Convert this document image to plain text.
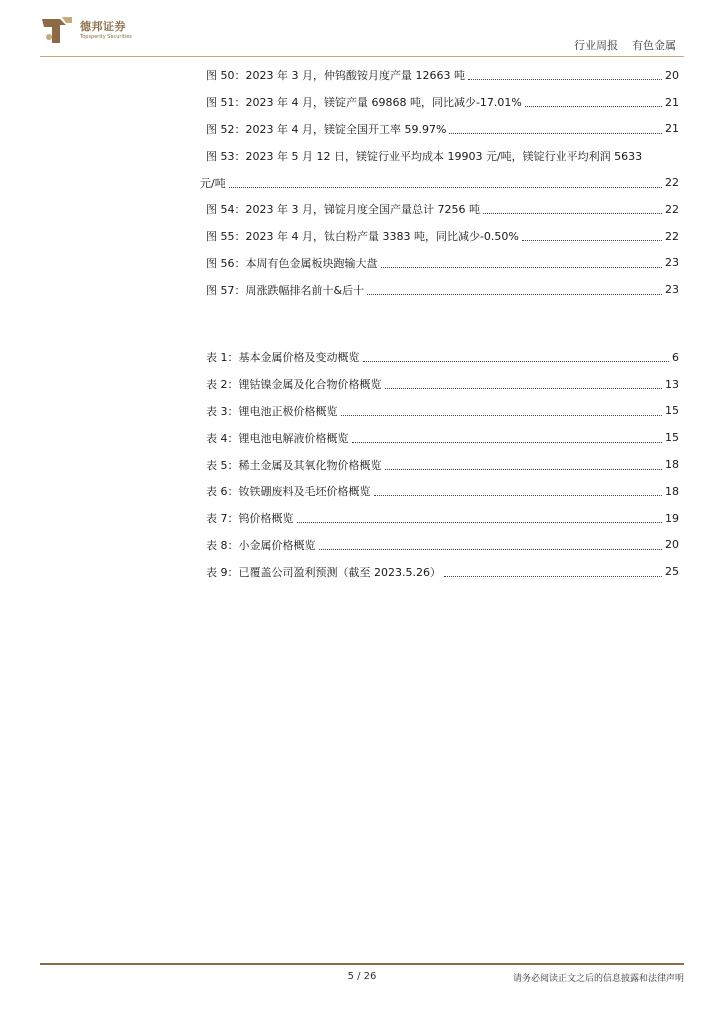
德邦证券
Topsperity Securities
行业周报 有色金属
图 50：2023 年 3 月，仲钨酸铵月度产量 12663 吨	20
图 51：2023 年 4 月，镁锭产量 69868 吨，同比减少-17.01%	21
图 52：2023 年 4 月，镁锭全国开工率 59.97%	21
图 53：2023 年 5 月 12 日，镁锭行业平均成本 19903 元/吨，镁锭行业平均利润 5633
元/吨	22
图 54：2023 年 3 月，锑锭月度全国产量总计 7256 吨	22
图 55：2023 年 4 月，钛白粉产量 3383 吨，同比减少-0.50%	22
图 56：本周有色金属板块跑输大盘	23
图 57：周涨跌幅排名前十&后十	23
表 1：基本金属价格及变动概览	6
表 2：锂钴镍金属及化合物价格概览	13
表 3：锂电池正极价格概览	15
表 4：锂电池电解液价格概览	15
表 5：稀土金属及其氧化物价格概览	18
表 6：钕铁硼废料及毛坯价格概览	18
表 7：钨价格概览	19
表 8：小金属价格概览	20
表 9：已覆盖公司盈利预测（截至 2023.5.26）	25
5 / 26	请务必阅读正文之后的信息披露和法律声明
